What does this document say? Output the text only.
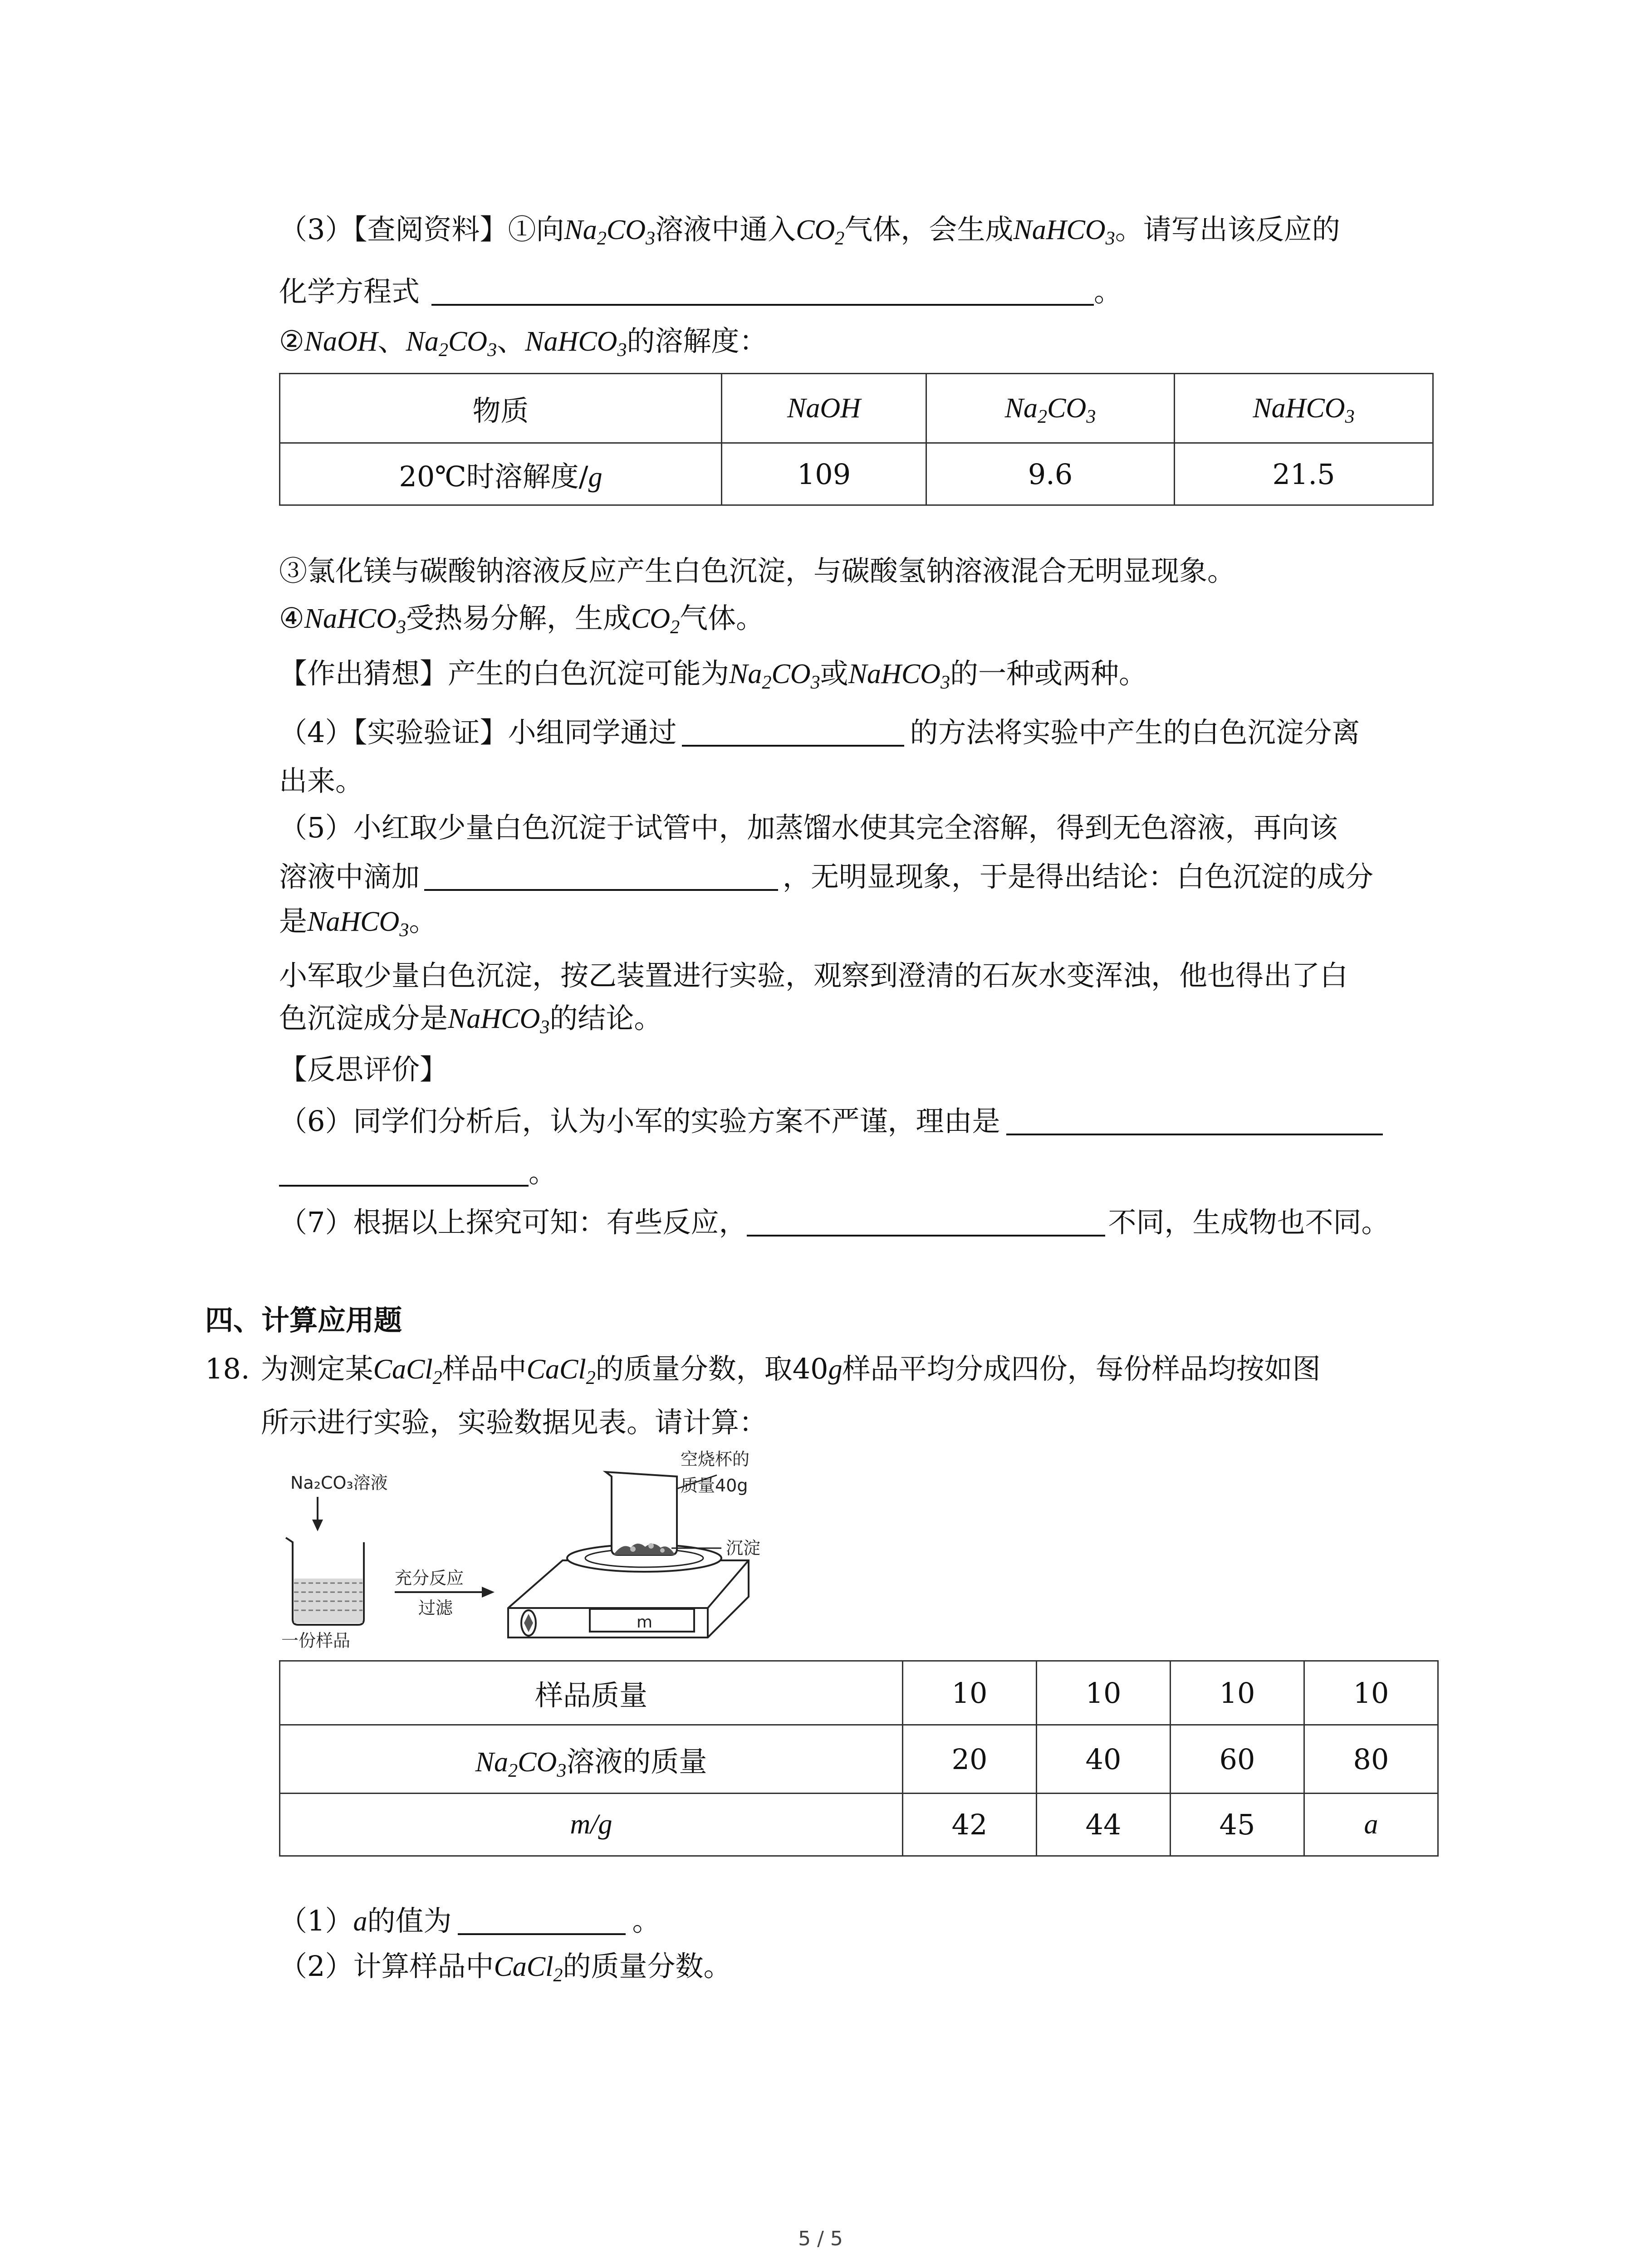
（3）【查阅资料】①向$Na_2CO_3$溶液中通入$CO_2$气体，会生成NaHCO$_3$。请写出该反应的
化学方程式	。
②NaOH、$Na_2CO_3$、NaHCO$_3$的溶解度：
物质	NaOH	$Na_2CO_3$	NaHCO$_3$
20℃时溶解度/g	109	9.6	21.5
③氯化镁与碳酸钠溶液反应产生白色沉淀，与碳酸氢钠溶液混合无明显现象。
④NaHCO$_3$受热易分解，生成$CO_2$气体。
【作出猜想】产生的白色沉淀可能为$Na_2CO_3$或NaHCO$_3$的一种或两种。
（4）【实验验证】小组同学通过	的方法将实验中产生的白色沉淀分离
出来。
（5）小红取少量白色沉淀于试管中，加蒸馏水使其完全溶解，得到无色溶液，再向该
溶液中滴加	，无明显现象，于是得出结论：白色沉淀的成分
是NaHCO$_3$。
小军取少量白色沉淀，按乙装置进行实验，观察到澄清的石灰水变浑浊，他也得出了白
色沉淀成分是NaHCO$_3$的结论。
【反思评价】
（6）同学们分析后，认为小军的实验方案不严谨，理由是
。
（7）根据以上探究可知：有些反应，	不同，生成物也不同。
四、计算应用题
18. 为测定某CaCl$_2$样品中CaCl$_2$的质量分数，取40g样品平均分成四份，每份样品均按如图
所示进行实验，实验数据见表。请计算：
Na₂CO₃溶液
一份样品
充分反应
过滤
m
空烧杯的
质量40g
沉淀
样品质量	10	10	10	10
$Na_2CO_3$溶液的质量	20	40	60	80
m/g	42	44	45	a
（1）a的值为	。
（2）计算样品中CaCl$_2$的质量分数。
5 / 5
